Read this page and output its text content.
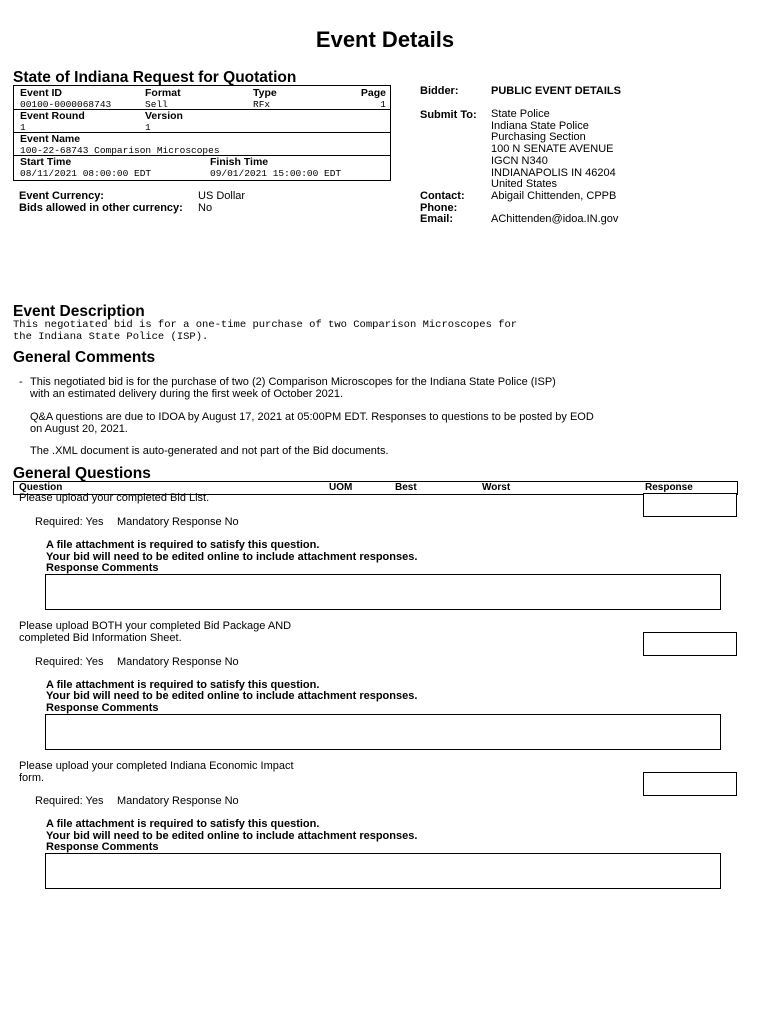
Event Details
State of Indiana Request for Quotation
Event ID	Format	Type	Page
00100-0000068743	Sell	RFx	1
Event Round	Version
1	1
Event Name
100-22-68743 Comparison Microscopes
Start Time	Finish Time
08/11/2021 08:00:00 EDT	09/01/2021 15:00:00 EDT
Event Currency:	US Dollar
Bids allowed in other currency: No
Bidder:	PUBLIC EVENT DETAILS
Submit To: State Police
Indiana State Police
Purchasing Section
100 N SENATE AVENUE
IGCN N340
INDIANAPOLIS IN 46204
United States
Contact: Abigail Chittenden, CPPB
Phone:
Email:	AChittenden@idoa.IN.gov
Event Description
This negotiated bid is for a one-time purchase of two Comparison Microscopes for
the Indiana State Police (ISP).
General Comments
- This negotiated bid is for the purchase of two (2) Comparison Microscopes for the Indiana State Police (ISP)
with an estimated delivery during the first week of October 2021.
Q&A questions are due to IDOA by August 17, 2021 at 05:00PM EDT. Responses to questions to be posted by EOD
on August 20, 2021.
The .XML document is auto-generated and not part of the Bid documents.
General Questions
Question	UOM	Best	Worst	Response
Please upload your completed Bid List.
Required: Yes Mandatory Response No
A file attachment is required to satisfy this question.
Your bid will need to be edited online to include attachment responses.
Response Comments
Please upload BOTH your completed Bid Package AND
completed Bid Information Sheet.
Required: Yes Mandatory Response No
A file attachment is required to satisfy this question.
Your bid will need to be edited online to include attachment responses.
Response Comments
Please upload your completed Indiana Economic Impact
form.
Required: Yes Mandatory Response No
A file attachment is required to satisfy this question.
Your bid will need to be edited online to include attachment responses.
Response Comments
